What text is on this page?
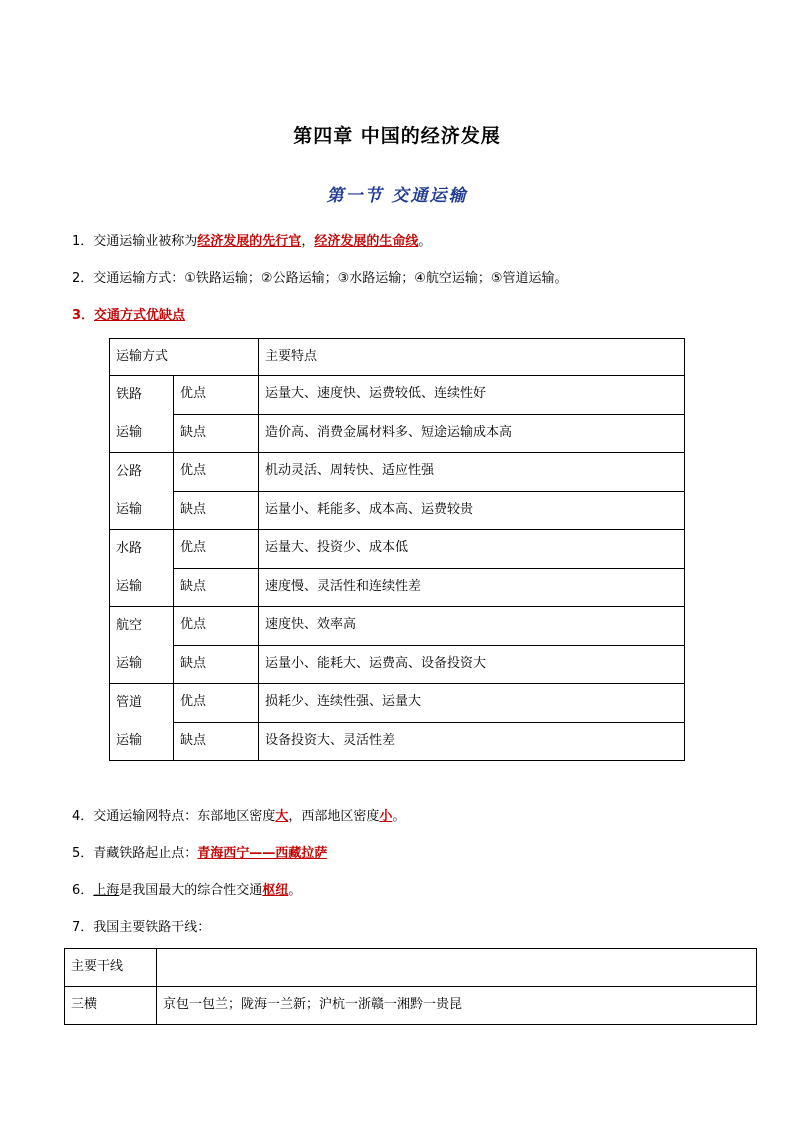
第四章 中国的经济发展
第一节 交通运输
1．交通运输业被称为经济发展的先行官，经济发展的生命线。
2．交通运输方式：①铁路运输；②公路运输；③水路运输；④航空运输；⑤管道运输。
3．交通方式优缺点
运输方式		主要特点

铁路
运输	优点	运量大、速度快、运费较低、连续性好
	缺点	造价高、消费金属材料多、短途运输成本高

公路
运输	优点	机动灵活、周转快、适应性强
	缺点	运量小、耗能多、成本高、运费较贵

水路
运输	优点	运量大、投资少、成本低
	缺点	速度慢、灵活性和连续性差

航空
运输	优点	速度快、效率高
	缺点	运量小、能耗大、运费高、设备投资大

管道
运输	优点	损耗少、连续性强、运量大
	缺点	设备投资大、灵活性差
4．交通运输网特点：东部地区密度大，西部地区密度小。
5．青藏铁路起止点：青海西宁——西藏拉萨
6．上海是我国最大的综合性交通枢纽。
7．我国主要铁路干线：
主要干线	
三横	京包一包兰；陇海一兰新；沪杭一浙赣一湘黔一贵昆
